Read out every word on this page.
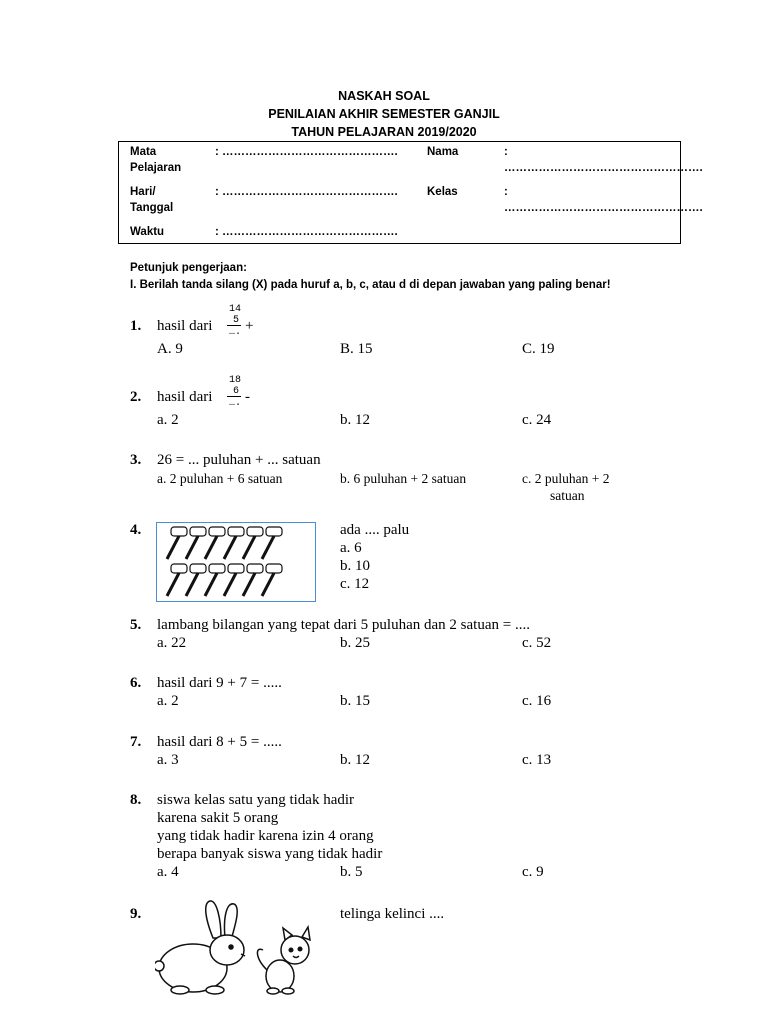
NASKAH SOAL
PENILAIAN AKHIR SEMESTER GANJIL
TAHUN PELAJARAN 2019/2020
Mata
Pelajaran
: ……………………………………….	Nama	:
…………………………………………….
Hari/
Tanggal
: ……………………………………….	Kelas	:
…………………………………………….
Waktu	: ……………………………………….
Petunjuk pengerjaan:
I. Berilah tanda silang (X) pada huruf a, b, c, atau d di depan jawaban yang paling benar!
1. hasil dari
14
5
…. +
A. 9	B. 15	C. 19
2. hasil dari
18
6
…. -
a. 2	b. 12	c. 24
3. 26 = ... puluhan + ... satuan
a. 2 puluhan + 6 satuan	b. 6 puluhan + 2 satuan	c. 2 puluhan + 2
satuan
4.	ada .... palu
a. 6
b. 10
c. 12
5. lambang bilangan yang tepat dari 5 puluhan dan 2 satuan = ....
a. 22	b. 25	c. 52
6. hasil dari 9 + 7 = .....
a. 2	b. 15	c. 16
7. hasil dari 8 + 5 = .....
a. 3	b. 12	c. 13
8. siswa kelas satu yang tidak hadir
karena sakit 5 orang
yang tidak hadir karena izin 4 orang
berapa banyak siswa yang tidak hadir
a. 4	b. 5	c. 9
9.	telinga kelinci ....
